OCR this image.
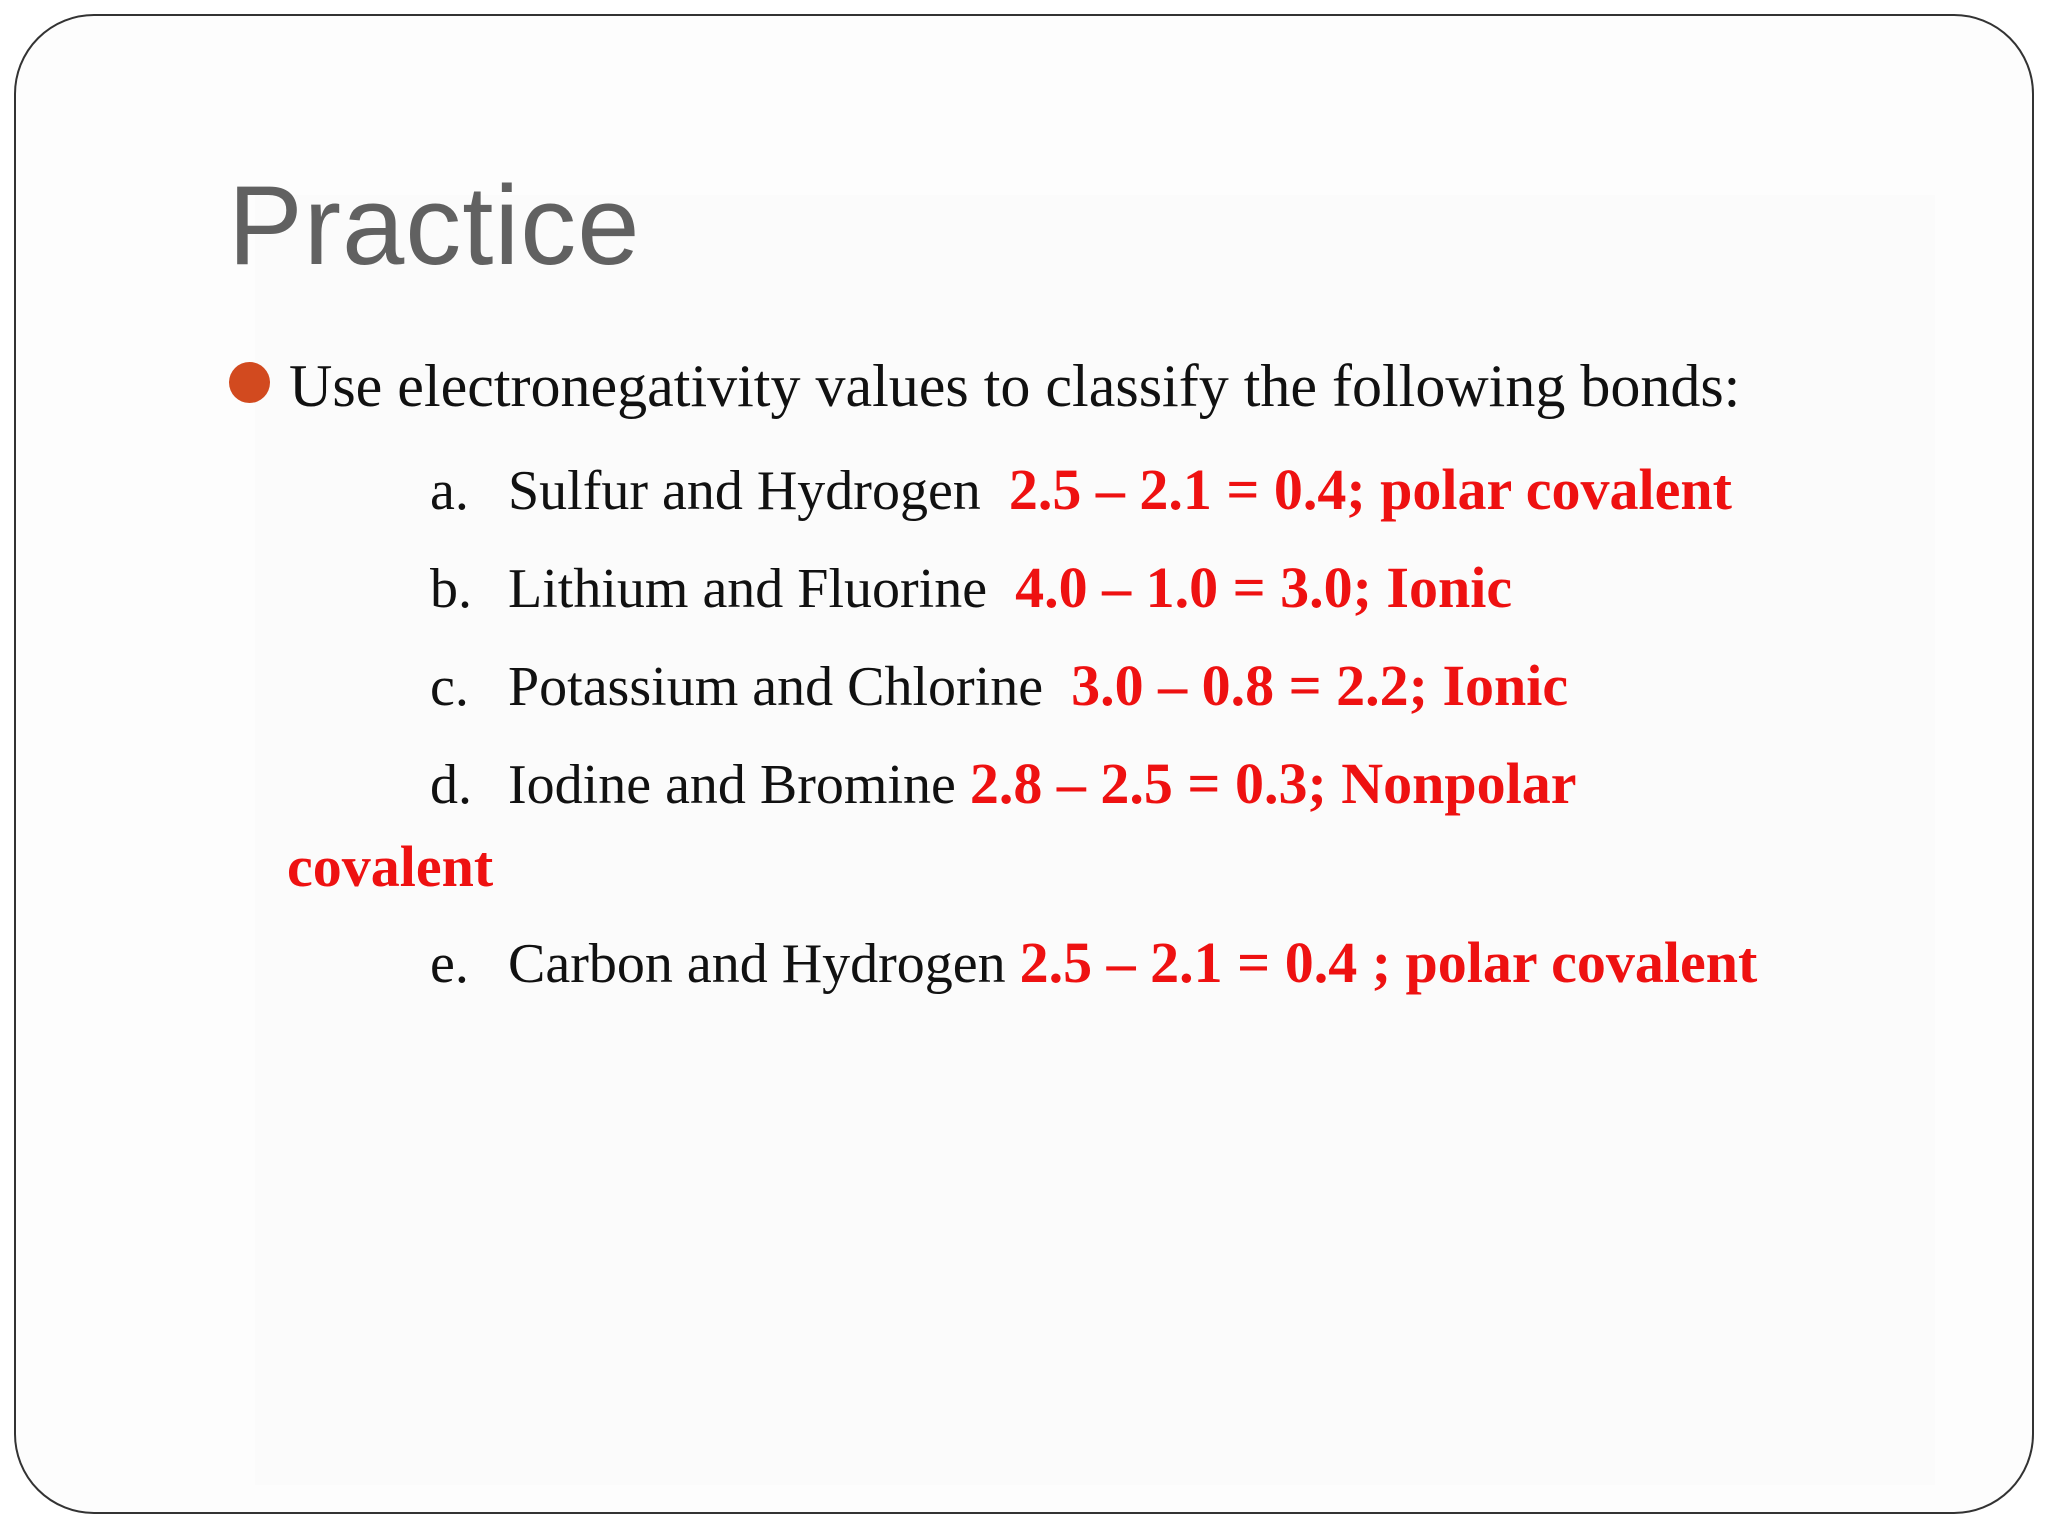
Practice
Use electronegativity values to classify the following bonds:
a. Sulfur and Hydrogen 2.5 – 2.1 = 0.4; polar covalent
b. Lithium and Fluorine 4.0 – 1.0 = 3.0; Ionic
c. Potassium and Chlorine 3.0 – 0.8 = 2.2; Ionic
d. Iodine and Bromine 2.8 – 2.5 = 0.3; Nonpolar
covalent
e. Carbon and Hydrogen 2.5 – 2.1 = 0.4 ; polar covalent
